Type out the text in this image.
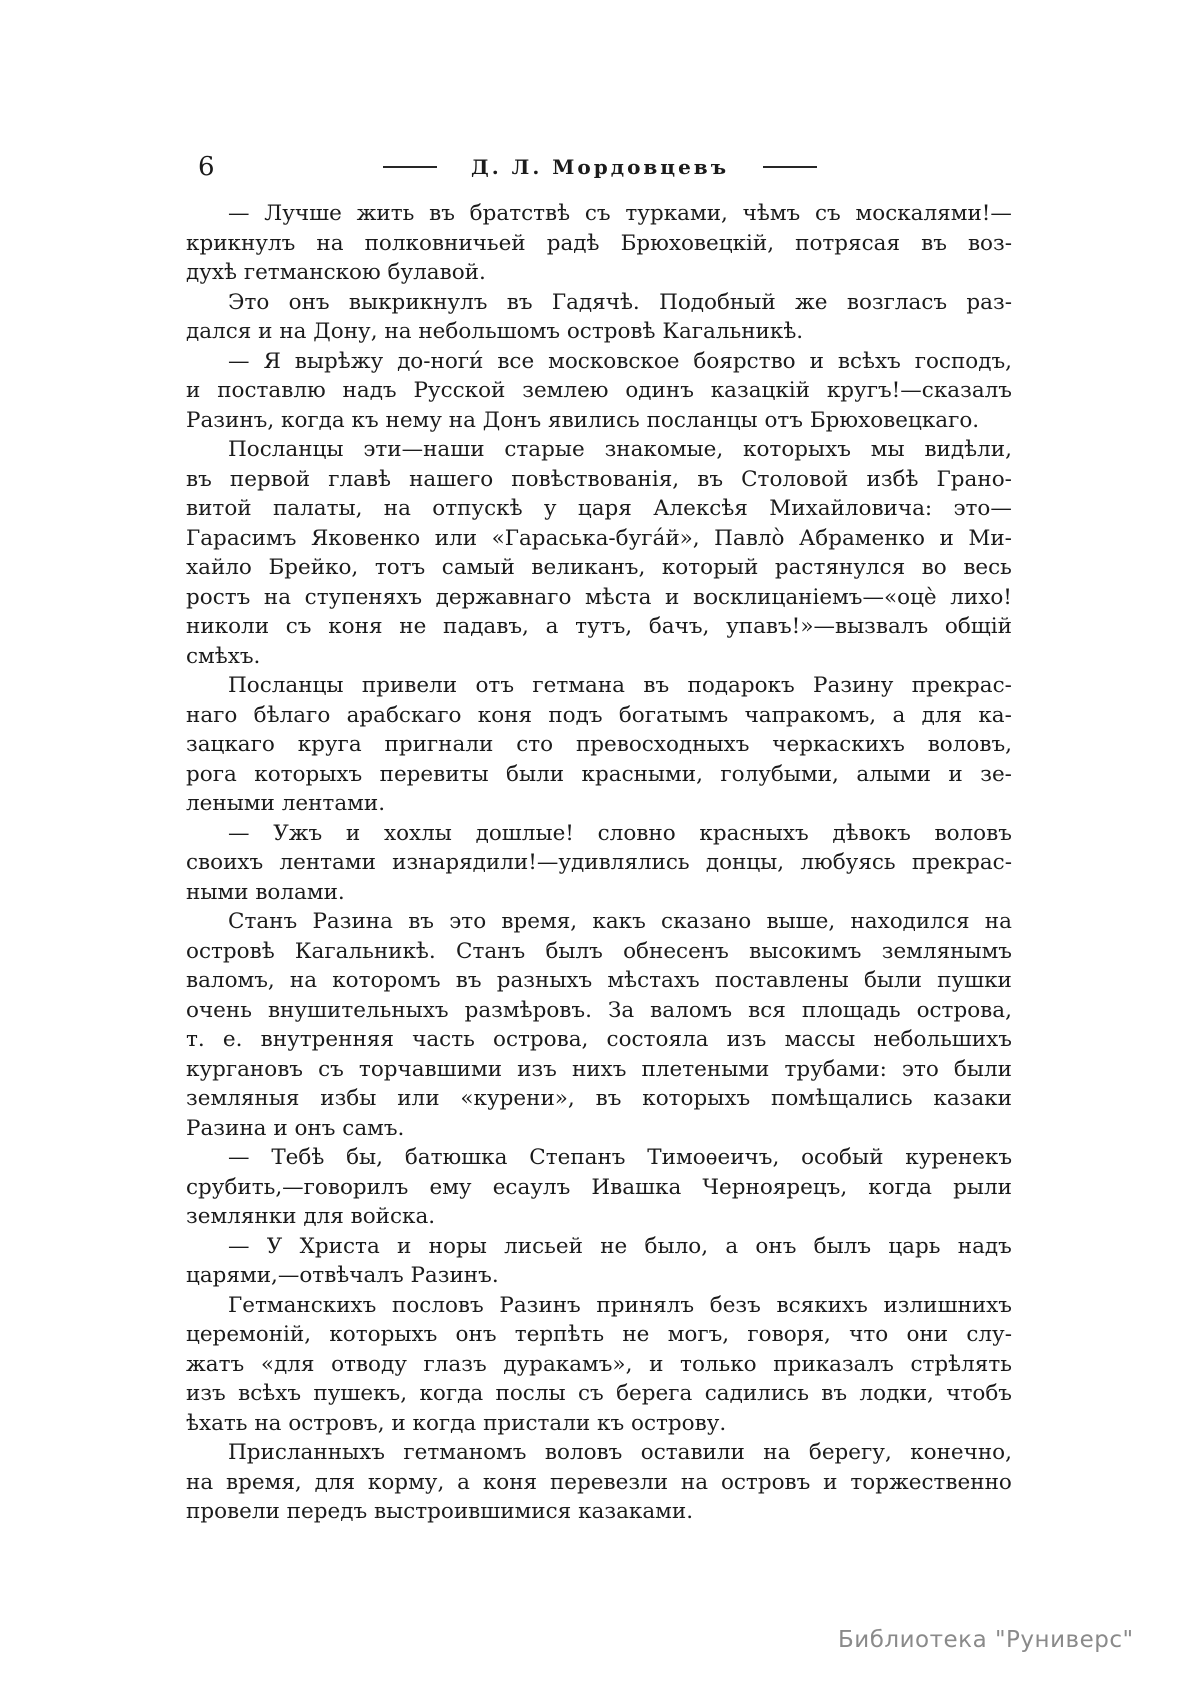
6	Д. Л. Мордовцевъ
— Лучше жить въ братствѣ съ турками, чѣмъ съ москалями!—
крикнулъ на полковничьей радѣ Брюховецкій, потрясая въ воз-
духѣ гетманскою булавой.
Это онъ выкрикнулъ въ Гадячѣ. Подобный же возгласъ раз-
дался и на Дону, на небольшомъ островѣ Кагальникѣ.
— Я вырѣжу до-ноги́ все московское боярство и всѣхъ господъ,
и поставлю надъ Русской землею одинъ казацкій кругъ!—сказалъ
Разинъ, когда къ нему на Донъ явились посланцы отъ Брюховецкаго.
Посланцы эти—наши старые знакомые, которыхъ мы видѣли,
въ первой главѣ нашего повѣствованія, въ Столовой избѣ Грано-
витой палаты, на отпускѣ у царя Алексѣя Михайловича: это—
Гарасимъ Яковенко или «Гараська-буга́й», Павло̀ Абраменко и Ми-
хайло Брейко, тотъ самый великанъ, который растянулся во весь
ростъ на ступеняхъ державнаго мѣста и восклицаніемъ—«оцѐ лихо!
николи съ коня не падавъ, а тутъ, бачъ, упавъ!»—вызвалъ общій
смѣхъ.
Посланцы привели отъ гетмана въ подарокъ Разину прекрас-
наго бѣлаго арабскаго коня подъ богатымъ чапракомъ, а для ка-
зацкаго круга пригнали сто превосходныхъ черкаскихъ воловъ,
рога которыхъ перевиты были красными, голубыми, алыми и зе-
леными лентами.
— Ужъ и хохлы дошлые! словно красныхъ дѣвокъ воловъ
своихъ лентами изнарядили!—удивлялись донцы, любуясь прекрас-
ными волами.
Станъ Разина въ это время, какъ сказано выше, находился на
островѣ Кагальникѣ. Станъ былъ обнесенъ высокимъ землянымъ
валомъ, на которомъ въ разныхъ мѣстахъ поставлены были пушки
очень внушительныхъ размѣровъ. За валомъ вся площадь острова,
т. е. внутренняя часть острова, состояла изъ массы небольшихъ
кургановъ съ торчавшими изъ нихъ плетеными трубами: это были
земляныя избы или «курени», въ которыхъ помѣщались казаки
Разина и онъ самъ.
— Тебѣ бы, батюшка Степанъ Тимоѳеичъ, особый куренекъ
срубить,—говорилъ ему есаулъ Ивашка Черноярецъ, когда рыли
землянки для войска.
— У Христа и норы лисьей не было, а онъ былъ царь надъ
царями,—отвѣчалъ Разинъ.
Гетманскихъ пословъ Разинъ принялъ безъ всякихъ излишнихъ
церемоній, которыхъ онъ терпѣть не могъ, говоря, что они слу-
жатъ «для отводу глазъ дуракамъ», и только приказалъ стрѣлять
изъ всѣхъ пушекъ, когда послы съ берега садились въ лодки, чтобъ
ѣхать на островъ, и когда пристали къ острову.
Присланныхъ гетманомъ воловъ оставили на берегу, конечно,
на время, для корму, а коня перевезли на островъ и торжественно
провели передъ выстроившимися казаками.
Библиотека "Руниверс"
